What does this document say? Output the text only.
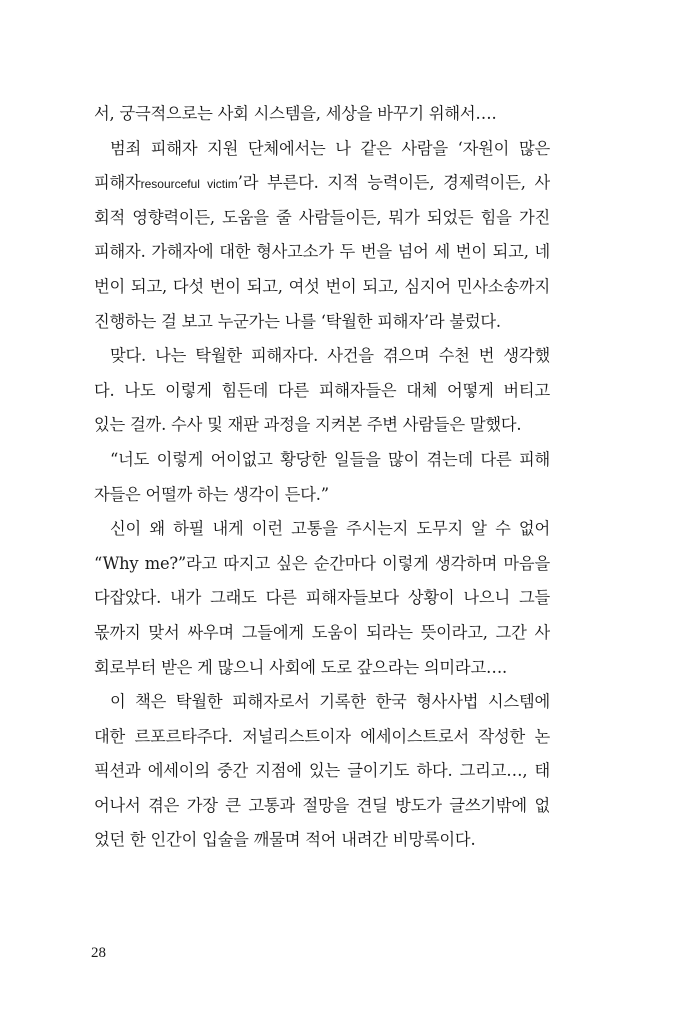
서, 궁극적으로는 사회 시스템을, 세상을 바꾸기 위해서….
범죄 피해자 지원 단체에서는 나 같은 사람을 ‘자원이 많은
피해자resourceful victim’라 부른다. 지적 능력이든, 경제력이든, 사
회적 영향력이든, 도움을 줄 사람들이든, 뭐가 되었든 힘을 가진
피해자. 가해자에 대한 형사고소가 두 번을 넘어 세 번이 되고, 네
번이 되고, 다섯 번이 되고, 여섯 번이 되고, 심지어 민사소송까지
진행하는 걸 보고 누군가는 나를 ‘탁월한 피해자’라 불렀다.
맞다. 나는 탁월한 피해자다. 사건을 겪으며 수천 번 생각했
다. 나도 이렇게 힘든데 다른 피해자들은 대체 어떻게 버티고
있는 걸까. 수사 및 재판 과정을 지켜본 주변 사람들은 말했다.
“너도 이렇게 어이없고 황당한 일들을 많이 겪는데 다른 피해
자들은 어떨까 하는 생각이 든다.”
신이 왜 하필 내게 이런 고통을 주시는지 도무지 알 수 없어
“Why me?”라고 따지고 싶은 순간마다 이렇게 생각하며 마음을
다잡았다. 내가 그래도 다른 피해자들보다 상황이 나으니 그들
몫까지 맞서 싸우며 그들에게 도움이 되라는 뜻이라고, 그간 사
회로부터 받은 게 많으니 사회에 도로 갚으라는 의미라고….
이 책은 탁월한 피해자로서 기록한 한국 형사사법 시스템에
대한 르포르타주다. 저널리스트이자 에세이스트로서 작성한 논
픽션과 에세이의 중간 지점에 있는 글이기도 하다. 그리고…, 태
어나서 겪은 가장 큰 고통과 절망을 견딜 방도가 글쓰기밖에 없
었던 한 인간이 입술을 깨물며 적어 내려간 비망록이다.
28
